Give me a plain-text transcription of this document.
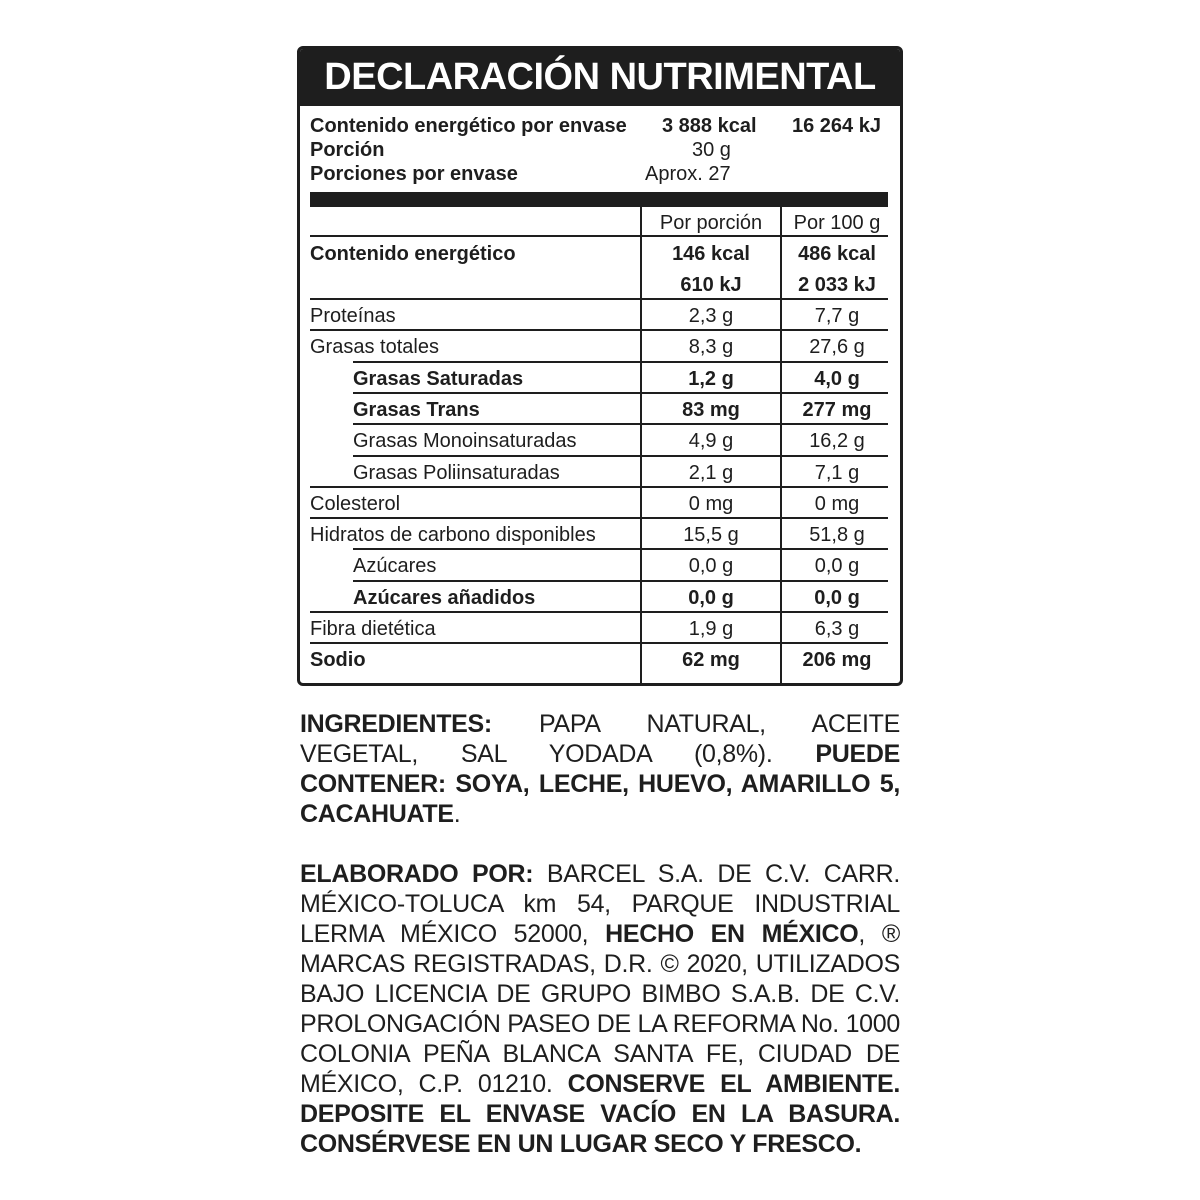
DECLARACIÓN NUTRIMENTAL
Contenido energético por envase 3 888 kcal 16 264 kJ
Porción	30 g
Porciones por envase	Aprox. 27
Por porción	Por 100 g
Contenido energético	146 kcal	486 kcal
610 kJ	2 033 kJ
Proteínas	2,3 g	7,7 g
Grasas totales	8,3 g	27,6 g
Grasas Saturadas	1,2 g	4,0 g
Grasas Trans	83 mg	277 mg
Grasas Monoinsaturadas	4,9 g	16,2 g
Grasas Poliinsaturadas	2,1 g	7,1 g
Colesterol	0 mg	0 mg
Hidratos de carbono disponibles	15,5 g	51,8 g
Azúcares	0,0 g	0,0 g
Azúcares añadidos	0,0 g	0,0 g
Fibra dietética	1,9 g	6,3 g
Sodio	62 mg	206 mg
INGREDIENTES: PAPA NATURAL, ACEITE VEGETAL, SAL YODADA (0,8%). PUEDE CONTENER: SOYA, LECHE, HUEVO, AMARILLO 5, CACAHUATE.
ELABORADO POR: BARCEL S.A. DE C.V. CARR. MÉXICO-TOLUCA km 54, PARQUE INDUSTRIAL LERMA MÉXICO 52000, HECHO EN MÉXICO, ® MARCAS REGISTRADAS, D.R. © 2020, UTILIZADOS BAJO LICENCIA DE GRUPO BIMBO S.A.B. DE C.V. PROLONGACIÓN PASEO DE LA REFORMA No. 1000 COLONIA PEÑA BLANCA SANTA FE, CIUDAD DE MÉXICO, C.P. 01210. CONSERVE EL AMBIENTE. DEPOSITE EL ENVASE VACÍO EN LA BASURA. CONSÉRVESE EN UN LUGAR SECO Y FRESCO.
